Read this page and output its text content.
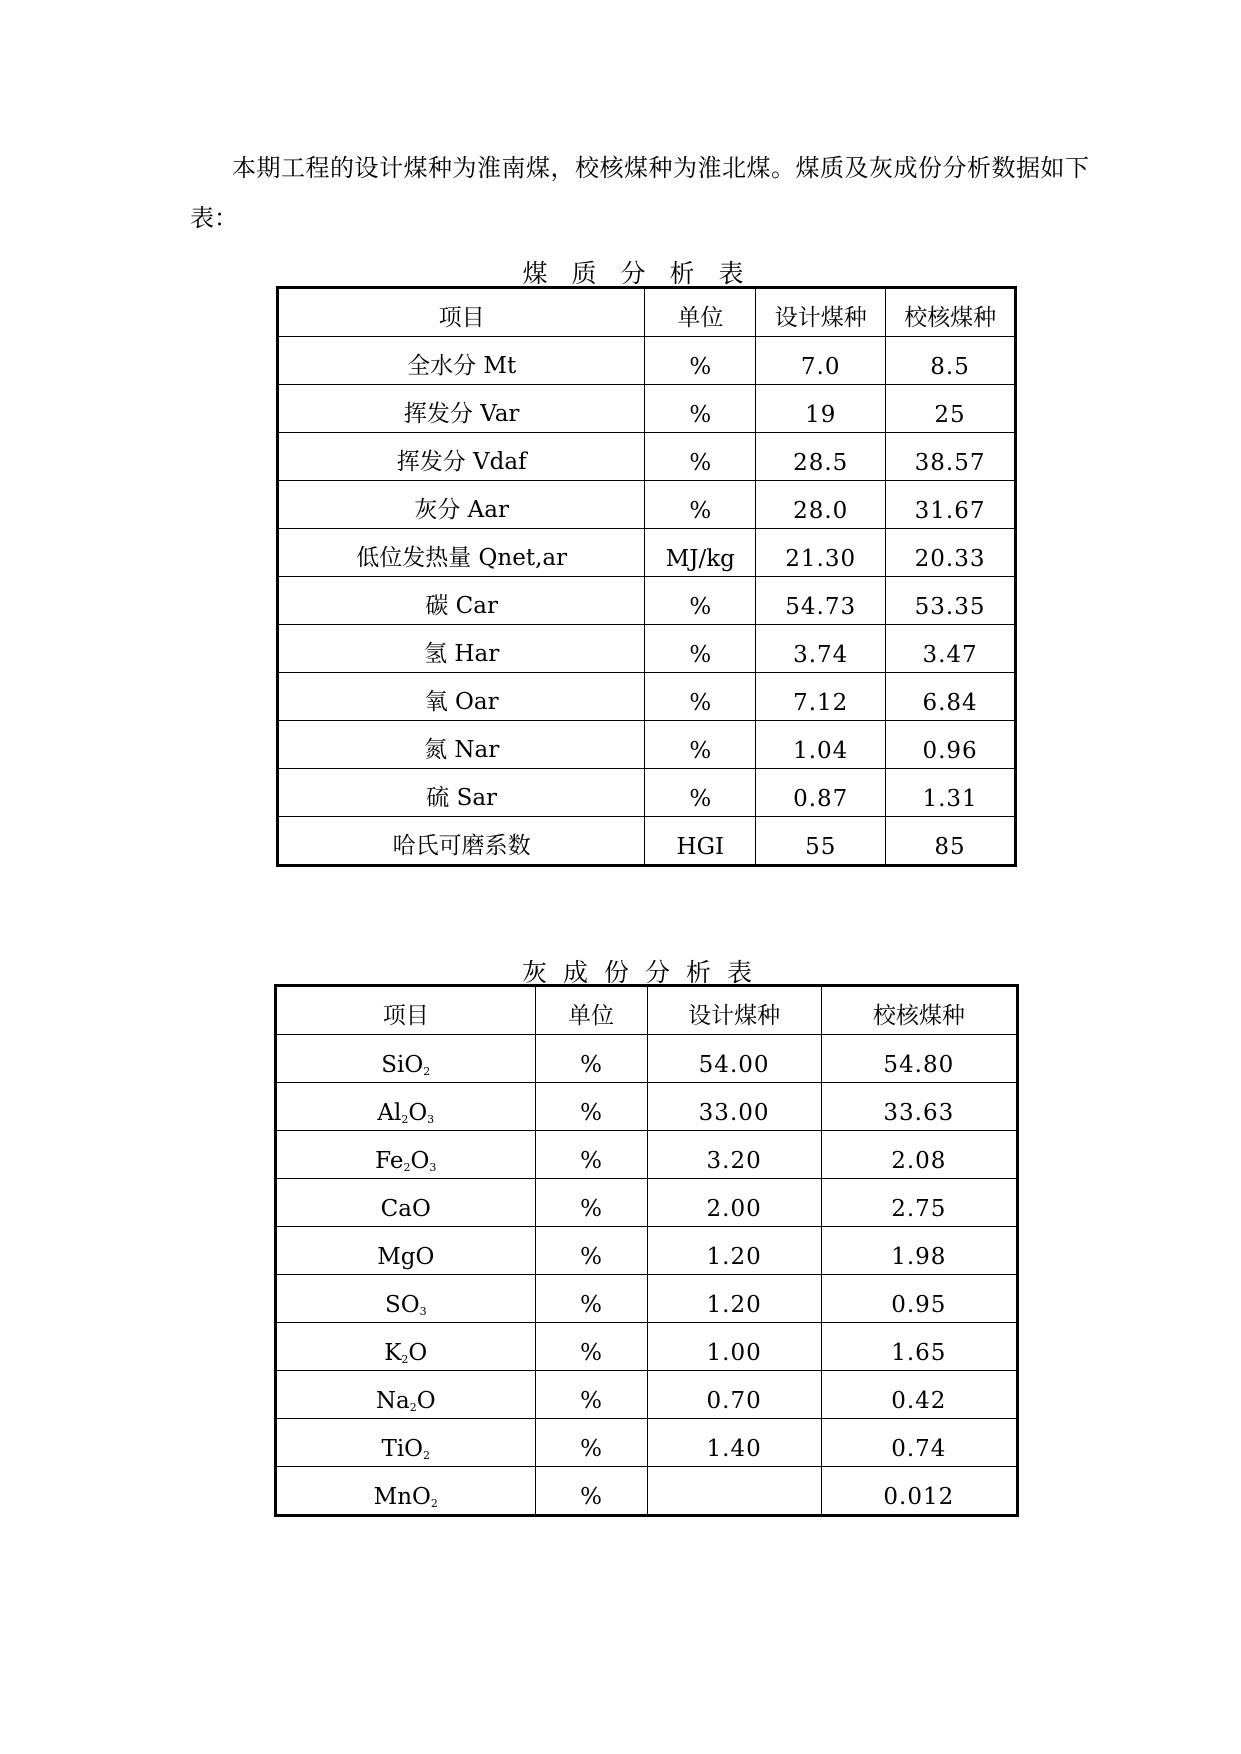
本期工程的设计煤种为淮南煤，校核煤种为淮北煤。煤质及灰成份分析数据如下
表：
煤质分析表
项目	单位	设计煤种	校核煤种
全水分 Mt	%	7.0	8.5
挥发分 Var	%	19	25
挥发分 Vdaf	%	28.5	38.57
灰分 Aar	%	28.0	31.67
低位发热量 Qnet,ar	MJ/kg	21.30	20.33
碳 Car	%	54.73	53.35
氢 Har	%	3.74	3.47
氧 Oar	%	7.12	6.84
氮 Nar	%	1.04	0.96
硫 Sar	%	0.87	1.31
哈氏可磨系数	HGI	55	85
灰成份分析表
项目	单位	设计煤种	校核煤种
SiO$_2$	%	54.00	54.80
$Al_2O_3$	%	33.00	33.63
$Fe_2O_3$	%	3.20	2.08
CaO	%	2.00	2.75
MgO	%	1.20	1.98
$SO_3$	%	1.20	0.95
$K_2O$	%	1.00	1.65
$Na_2O$	%	0.70	0.42
TiO$_2$	%	1.40	0.74
MnO$_2$	%		0.012
